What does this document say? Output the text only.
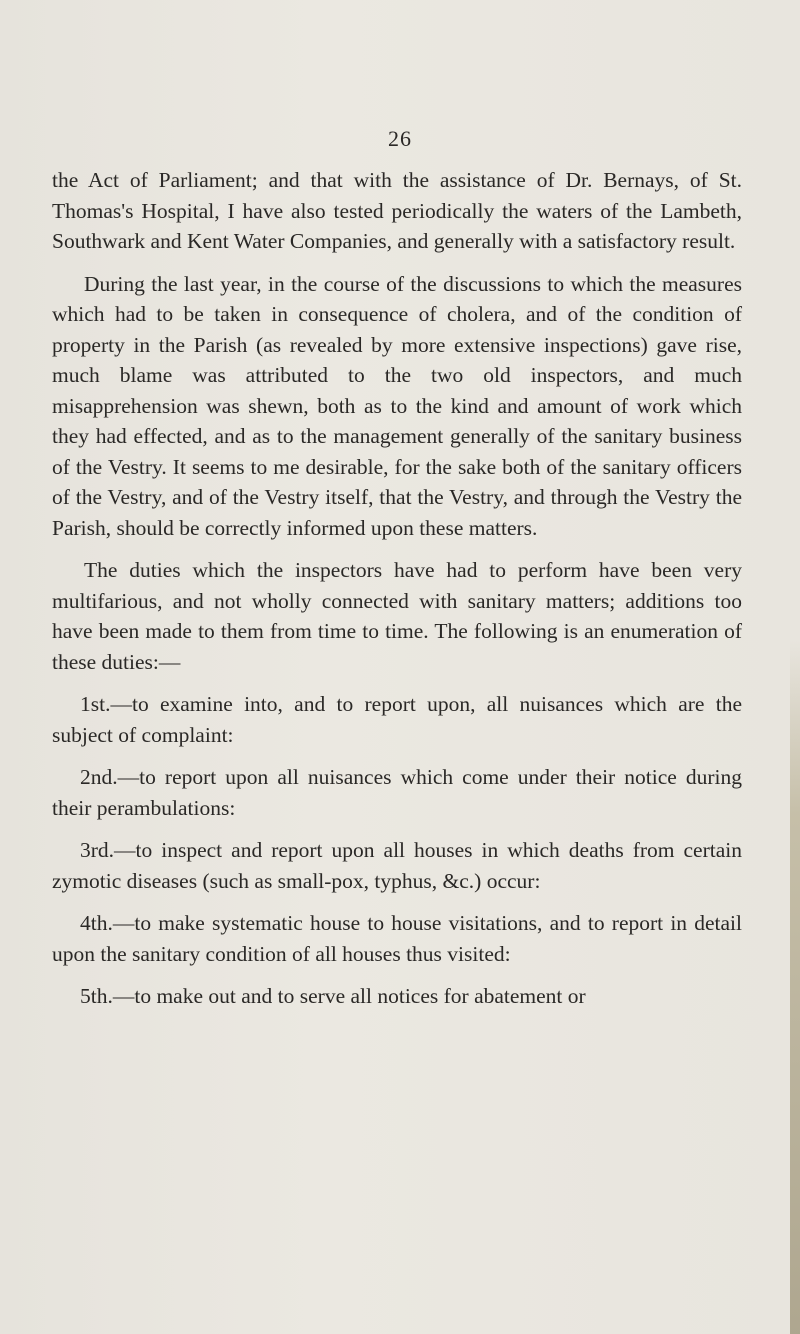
26

the Act of Parliament; and that with the assistance of Dr. Bernays, of St. Thomas's Hospital, I have also tested periodically the waters of the Lambeth, Southwark and Kent Water Companies, and generally with a satisfactory result.

During the last year, in the course of the discussions to which the measures which had to be taken in consequence of cholera, and of the condition of property in the Parish (as revealed by more extensive inspections) gave rise, much blame was attributed to the two old inspectors, and much misapprehension was shewn, both as to the kind and amount of work which they had effected, and as to the management generally of the sanitary business of the Vestry. It seems to me desirable, for the sake both of the sanitary officers of the Vestry, and of the Vestry itself, that the Vestry, and through the Vestry the Parish, should be correctly informed upon these matters.

The duties which the inspectors have had to perform have been very multifarious, and not wholly connected with sanitary matters; additions too have been made to them from time to time. The following is an enumeration of these duties:—

1st.—to examine into, and to report upon, all nuisances which are the subject of complaint:

2nd.—to report upon all nuisances which come under their notice during their perambulations:

3rd.—to inspect and report upon all houses in which deaths from certain zymotic diseases (such as small-pox, typhus, &c.) occur:

4th.—to make systematic house to house visitations, and to report in detail upon the sanitary condition of all houses thus visited:

5th.—to make out and to serve all notices for abatement or
